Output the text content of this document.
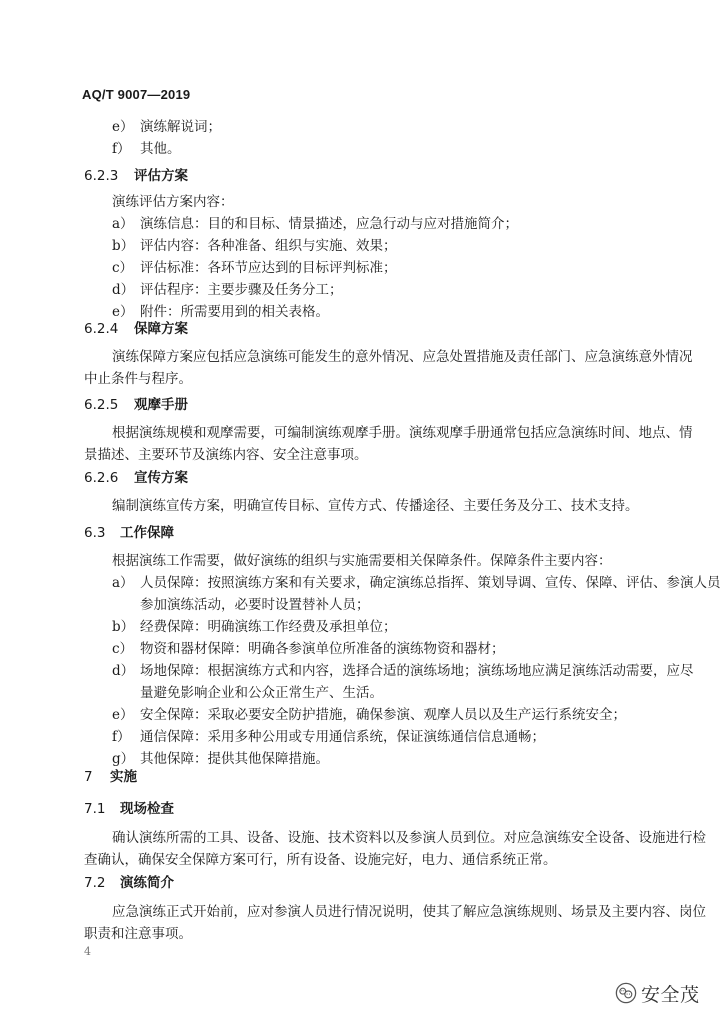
AQ/T 9007—2019
e） 演练解说词；
f） 其他。
6.2.3 评估方案
演练评估方案内容：
a） 演练信息：目的和目标、情景描述，应急行动与应对措施简介；
b） 评估内容：各种准备、组织与实施、效果；
c） 评估标准：各环节应达到的目标评判标准；
d） 评估程序：主要步骤及任务分工；
e） 附件：所需要用到的相关表格。
6.2.4 保障方案
演练保障方案应包括应急演练可能发生的意外情况、应急处置措施及责任部门、应急演练意外情况
中止条件与程序。
6.2.5 观摩手册
根据演练规模和观摩需要，可编制演练观摩手册。演练观摩手册通常包括应急演练时间、地点、情
景描述、主要环节及演练内容、安全注意事项。
6.2.6 宣传方案
编制演练宣传方案，明确宣传目标、宣传方式、传播途径、主要任务及分工、技术支持。
6.3 工作保障
根据演练工作需要，做好演练的组织与实施需要相关保障条件。保障条件主要内容：
a） 人员保障：按照演练方案和有关要求，确定演练总指挥、策划导调、宣传、保障、评估、参演人员
参加演练活动，必要时设置替补人员；
b） 经费保障：明确演练工作经费及承担单位；
c） 物资和器材保障：明确各参演单位所准备的演练物资和器材；
d） 场地保障：根据演练方式和内容，选择合适的演练场地；演练场地应满足演练活动需要，应尽
量避免影响企业和公众正常生产、生活。
e） 安全保障：采取必要安全防护措施，确保参演、观摩人员以及生产运行系统安全；
f） 通信保障：采用多种公用或专用通信系统，保证演练通信信息通畅；
g） 其他保障：提供其他保障措施。
7 实施
7.1 现场检查
确认演练所需的工具、设备、设施、技术资料以及参演人员到位。对应急演练安全设备、设施进行检
查确认，确保安全保障方案可行，所有设备、设施完好，电力、通信系统正常。
7.2 演练简介
应急演练正式开始前，应对参演人员进行情况说明，使其了解应急演练规则、场景及主要内容、岗位
职责和注意事项。
4
安全茂
